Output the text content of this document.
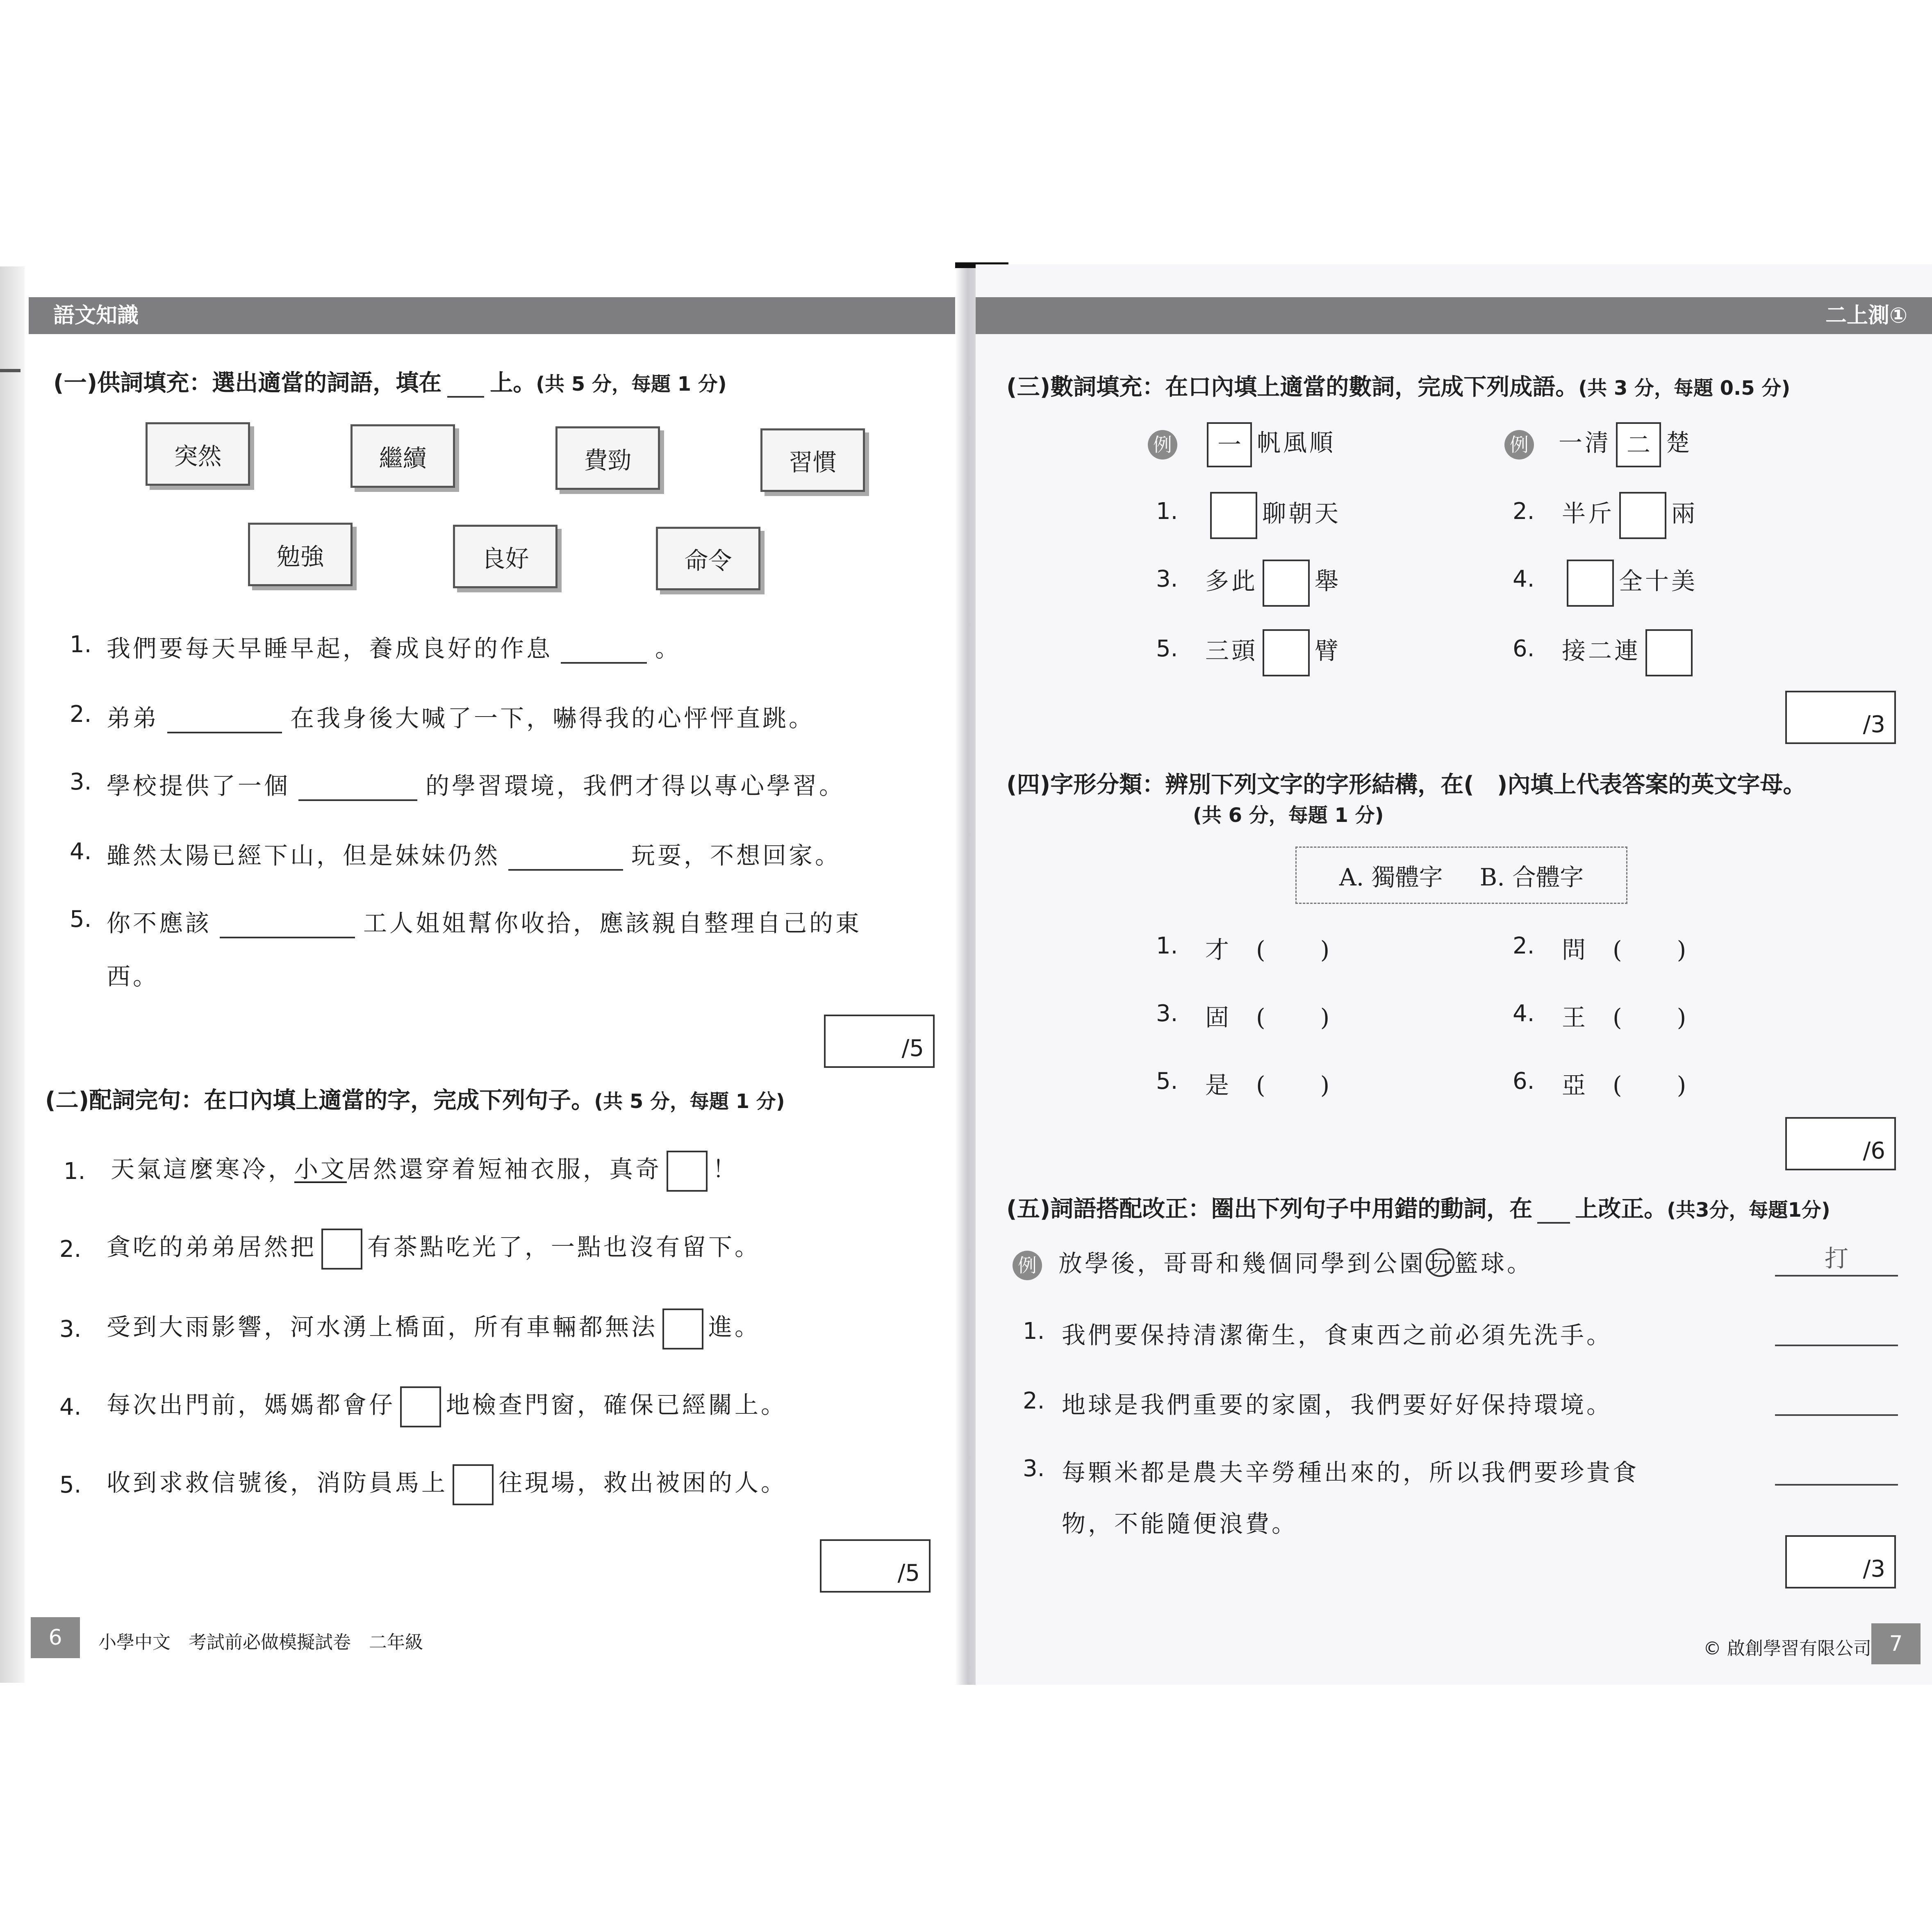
語文知識
(一)供詞填充：選出適當的詞語，填在 上。(共 5 分，每題 1 分)
突然	繼續	費勁	習慣
勉強	良好	命令
1. 我們要每天早睡早起，養成良好的作息	。
2. 弟弟	在我身後大喊了一下，嚇得我的心怦怦直跳。
3. 學校提供了一個	的學習環境，我們才得以專心學習。
4. 雖然太陽已經下山，但是妹妹仍然	玩耍，不想回家。
5. 你不應該	工人姐姐幫你收拾，應該親自整理自己的東
西。
/5
(二)配詞完句：在口內填上適當的字，完成下列句子。(共 5 分，每題 1 分)
1. 天氣這麼寒冷，小文居然還穿着短袖衣服，真奇 ！
2. 貪吃的弟弟居然把 有茶點吃光了，一點也沒有留下。
3. 受到大雨影響，河水湧上橋面，所有車輛都無法 進。
4. 每次出門前，媽媽都會仔 地檢查門窗，確保已經關上。
5. 收到求救信號後，消防員馬上 往現場，救出被困的人。
/5
6	小學中文　考試前必做模擬試卷　二年級
二上測①
(三)數詞填充：在口內填上適當的數詞，完成下列成語。(共 3 分，每題 0.5 分)
例 一 帆風順	例 一清 二 楚
1.	聊朝天	2. 半斤 兩
3. 多此 舉	4.	全十美
5. 三頭 臂	6. 接二連
/3
(四)字形分類：辨別下列文字的字形結構，在(　)內填上代表答案的英文字母。
(共 6 分，每題 1 分)
A. 獨體字 B. 合體字
1. 才 (　　)	2. 問 (　　)
3. 固 (　　)	4. 王 (　　)
5. 是 (　　)	6. 亞 (　　)
/6
(五)詞語搭配改正：圈出下列句子中用錯的動詞，在 上改正。(共3分，每題1分)
例 放學後，哥哥和幾個同學到公園 玩 籃球。	打
1. 我們要保持清潔衛生，食東西之前必須先洗手。
2. 地球是我們重要的家園，我們要好好保持環境。
3. 每顆米都是農夫辛勞種出來的，所以我們要珍貴食
物，不能隨便浪費。
/3
© 啟創學習有限公司 7
